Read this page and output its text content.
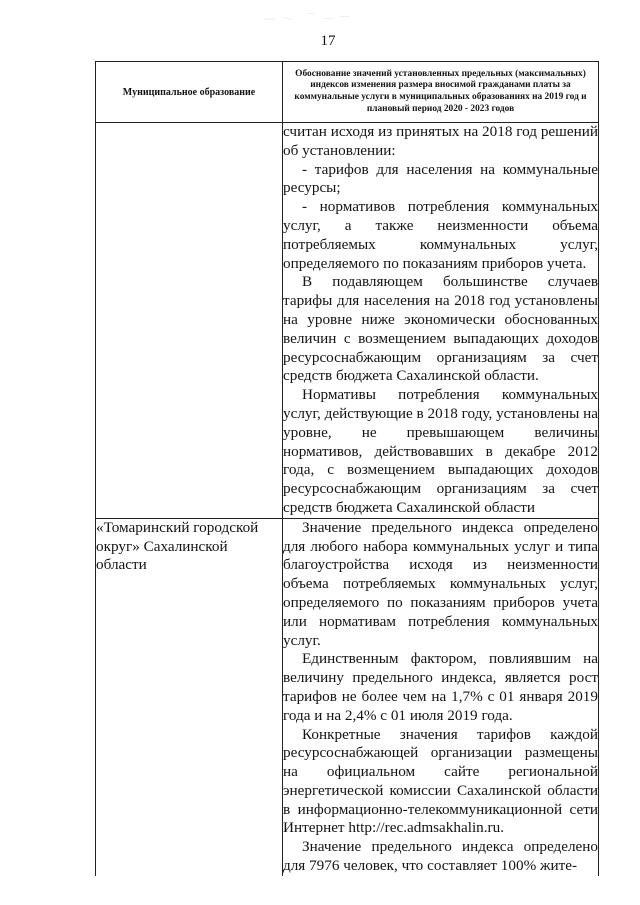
17
Муниципальное образование	Обоснование значений установленных предельных (максимальных) индексов изменения размера вносимой гражданами платы за коммунальные услуги в муниципальных образованиях на 2019 год и плановый период 2020 - 2023 годов

	считан исходя из принятых на 2018 год решений об установлении:

- тарифов для населения на коммунальные ресурсы;

- нормативов потребления коммунальных услуг, а также неизменности объема потребляемых коммунальных услуг, определяемого по показаниям приборов учета.

В подавляющем большинстве случаев тарифы для населения на 2018 год установлены на уровне ниже экономически обоснованных величин с возмещением выпадающих доходов ресурсоснабжающим организациям за счет средств бюджета Сахалинской области.

Нормативы потребления коммунальных услуг, действующие в 2018 году, установлены на уровне, не превышающем величины нормативов, действовавших в декабре 2012 года, с возмещением выпадающих доходов ресурсоснабжающим организациям за счет средств бюджета Сахалинской области

«Томаринский городской округ» Сахалинской области	Значение предельного индекса определено для любого набора коммунальных услуг и типа благоустройства исходя из неизменности объема потребляемых коммунальных услуг, определяемого по показаниям приборов учета или нормативам потребления коммунальных услуг.

Единственным фактором, повлиявшим на величину предельного индекса, является рост тарифов не более чем на 1,7% с 01 января 2019 года и на 2,4% с 01 июля 2019 года.

Конкретные значения тарифов каждой ресурсоснабжающей организации размещены на официальном сайте региональной энергетической комиссии Сахалинской области в информационно-телекоммуникационной сети Интернет http://rec.admsakhalin.ru.

Значение предельного индекса определено для 7976 человек, что составляет 100% жите-
